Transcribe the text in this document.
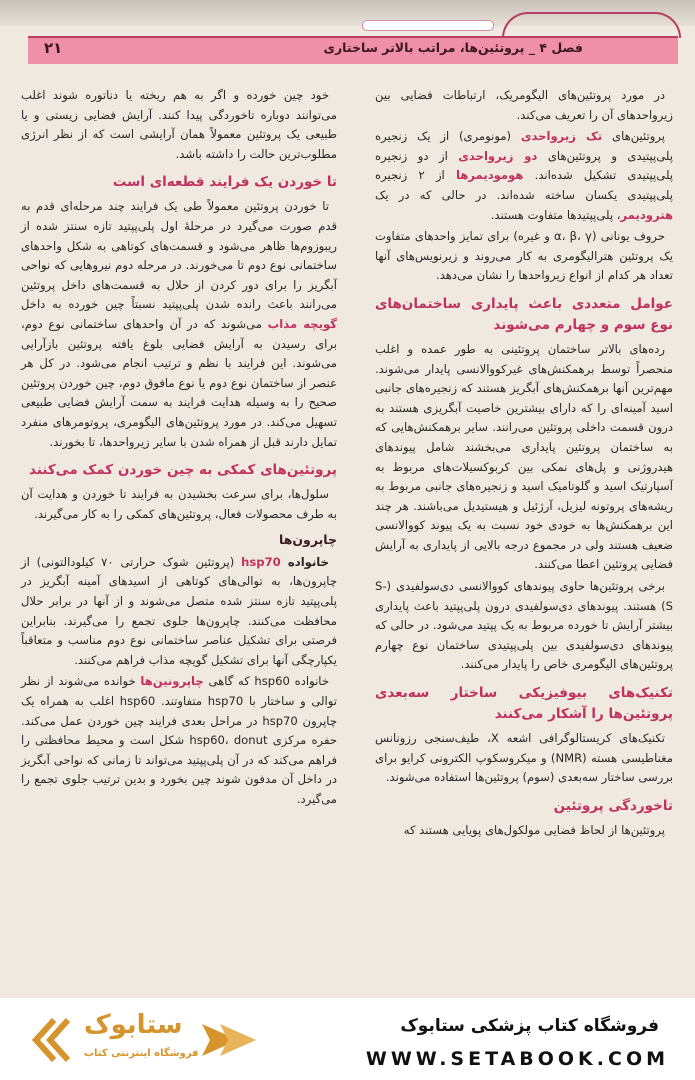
فصل ۴ _ پروتئین‌ها، مراتب بالاتر ساختاری
۲۱

در مورد پروتئین‌های الیگومریک، ارتباطات فضایی بین زیرواحدهای آن را تعریف می‌کند.

پروتئین‌های تک زیرواحدی (مونومری) از یک زنجیره پلی‌پپتیدی و پروتئین‌های دو زیرواحدی از دو زنجیره پلی‌پپتیدی تشکیل شده‌اند. هومودیمرها از ۲ زنجیره پلی‌پپتیدی یکسان ساخته شده‌اند. در حالی که در یک هترودیمر، پلی‌پپتیدها متفاوت هستند.

حروف یونانی (α، β، γ و غیره) برای تمایز واحدهای متفاوت یک پروتئین هترالیگومری به کار می‌روند و زیرنویس‌های آنها تعداد هر کدام از انواع زیرواحدها را نشان می‌دهد.

عوامل متعددی باعث پایداری ساختمان‌های نوع سوم و چهارم می‌شوند

رده‌های بالاتر ساختمان پروتئینی به طور عمده و اغلب منحصراً توسط برهمکنش‌های غیرکووالانسی پایدار می‌شوند. مهم‌ترین آنها برهمکنش‌های آبگریز هستند که زنجیره‌های جانبی اسید آمینه‌ای را که دارای بیشترین خاصیت آبگریزی هستند به درون قسمت داخلی پروتئین می‌رانند. سایر برهمکنش‌هایی که به ساختمان پروتئین پایداری می‌بخشند شامل پیوندهای هیدروژنی و پل‌های نمکی بین کربوکسیلات‌های مربوط به آسپارتیک اسید و گلوتامیک اسید و زنجیره‌های جانبی مربوط به ریشه‌های پروتونه لیزیل، آرژئیل و هیستیدیل می‌باشند. هر چند این برهمکنش‌ها به خودی خود نسبت به یک پیوند کووالانسی ضعیف هستند ولی در مجموع درجه بالایی از پایداری به آرایش فضایی پروتئین اعطا می‌کنند.

برخی پروتئین‌ها حاوی پیوندهای کووالانسی دی‌سولفیدی (S-S) هستند. پیوندهای دی‌سولفیدی درون پلی‌پپتید باعث پایداری بیشتر آرایش تا خورده مربوط به یک پپتید می‌شود. در حالی که پیوندهای دی‌سولفیدی بین پلی‌پپتیدی ساختمان نوع چهارم پروتئین‌های الیگومری خاص را پایدار می‌کنند.

تکنیک‌های بیوفیزیکی ساختار سه‌بعدی پروتئین‌ها را آشکار می‌کنند

تکنیک‌های کریستالوگرافی اشعه X، طیف‌سنجی رزونانس مغناطیسی هسته (NMR) و میکروسکوپ الکترونی کرایو برای بررسی ساختار سه‌بعدی (سوم) پروتئین‌ها استفاده می‌شوند.

تاخوردگی پروتئین

پروتئین‌ها از لحاظ فضایی مولکول‌های پویایی هستند که

خود چین خورده و اگر به هم ریخته یا دناتوره شوند اغلب می‌توانند دوباره تاخوردگی پیدا کنند. آرایش فضایی زیستی و یا طبیعی یک پروتئین معمولاً همان آرایشی است که از نظر انرژی مطلوب‌ترین حالت را داشته باشد.

تا خوردن یک فرایند قطعه‌ای است

تا خوردن پروتئین معمولاً طی یک فرایند چند مرحله‌ای قدم به قدم صورت می‌گیرد در مرحلهٔ اول پلی‌پپتید تازه سنتز شده از ریبوزوم‌ها ظاهر می‌شود و قسمت‌های کوتاهی به شکل واحدهای ساختمانی نوع دوم تا می‌خورند. در مرحله دوم نیروهایی که نواحی آبگریز را برای دور کردن از حلال به قسمت‌های داخل پروتئین می‌رانند باعث رانده شدن پلی‌پپتید نسبتاً چین خورده به داخل گویچه مذاب می‌شوند که در آن واحدهای ساختمانی نوع دوم، برای رسیدن به آرایش فضایی بلوغ یافته پروتئین بازآرایی می‌شوند. این فرایند با نظم و ترتیب انجام می‌شود. در کل هر عنصر از ساختمان نوع دوم یا نوع مافوق دوم، چین خوردن پروتئین صحیح را به وسیله هدایت فرایند به سمت آرایش فضایی طبیعی تسهیل می‌کند. در مورد پروتئین‌های الیگومری، پروتومرهای منفرد تمایل دارند قبل از همراه شدن با سایر زیرواحدها، تا بخورند.

پروتئین‌های کمکی به چین خوردن کمک می‌کنند

سلول‌ها، برای سرعت بخشیدن به فرایند تا خوردن و هدایت آن به طرف محصولات فعال، پروتئین‌های کمکی را به کار می‌گیرند.

چاپرون‌ها

خانواده hsp70 (پروتئین شوک حرارتی ۷۰ کیلودالتونی) از چاپرون‌ها، به توالی‌های کوتاهی از اسیدهای آمینه آبگریز در پلی‌پپتید تازه سنتز شده متصل می‌شوند و از آنها در برابر حلال محافظت می‌کنند. چاپرون‌ها جلوی تجمع را می‌گیرند. بنابراین فرصتی برای تشکیل عناصر ساختمانی نوع دوم مناسب و متعاقباً یکپارچگی آنها برای تشکیل گویچه مذاب فراهم می‌کنند.

خانواده hsp60 که گاهی چاپرونین‌ها خوانده می‌شوند از نظر توالی و ساختار با hsp70 متفاوتند. hsp60 اغلب به همراه یک چاپرون hsp70 در مراحل بعدی فرایند چین خوردن عمل می‌کند. حفره مرکزی hsp60، donut شکل است و محیط محافظتی را فراهم می‌کند که در آن پلی‌پپتید می‌تواند تا زمانی که نواحی آبگریز در داخل آن مدفون شوند چین بخورد و بدین ترتیب جلوی تجمع را می‌گیرد.

ستابوک
فروشگاه اینترنتی کتاب
فروشگاه کتاب پزشکی ستابوک
WWW.SETABOOK.COM
